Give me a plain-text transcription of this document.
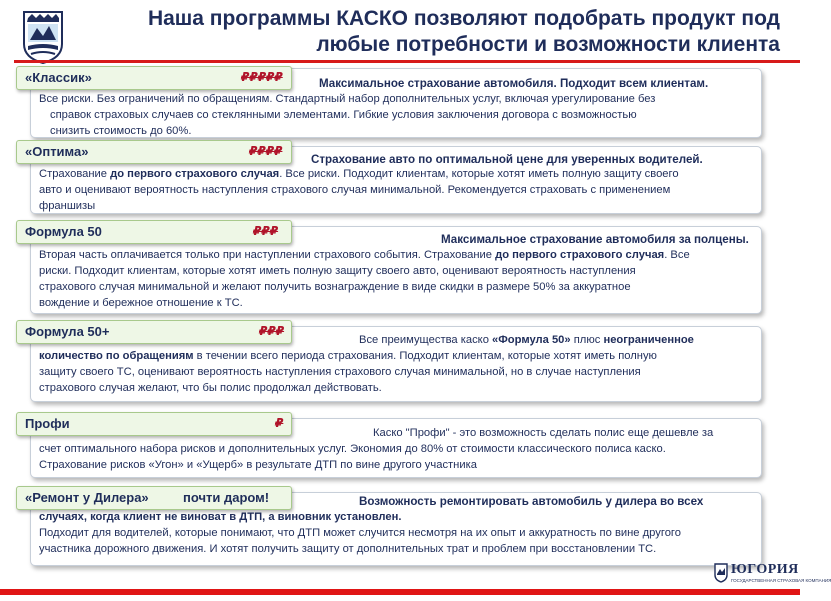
Наша программы КАСКО позволяют подобрать продукт под
любые потребности и возможности клиента
Максимальное страхование автомобиля. Подходит всем клиентам.
Все риски. Без ограничений по обращениям. Стандартный набор дополнительных услуг, включая урегулирование без
справок страховых случаев со стеклянными элементами. Гибкие условия заключения договора с возможностью
снизить стоимость до 60%.
«Классик»	₽₽₽₽₽
Страхование авто по оптимальной цене для уверенных водителей.
Страхование до первого страхового случая. Все риски. Подходит клиентам, которые хотят иметь полную защиту своего
авто и оценивают вероятность наступления страхового случая минимальной. Рекомендуется страховать с применением
франшизы
«Оптима»	₽₽₽₽
Максимальное страхование автомобиля за полцены.
Вторая часть оплачивается только при наступлении страхового события. Страхование до первого страхового случая. Все
риски. Подходит клиентам, которые хотят иметь полную защиту своего авто, оценивают вероятность наступления
страхового случая минимальной и желают получить вознаграждение в виде скидки в размере 50% за аккуратное
вождение и бережное отношение к ТС.
Формула 50	₽₽₽
Все преимущества каско «Формула 50» плюс неограниченное
количество по обращениям в течении всего периода страхования. Подходит клиентам, которые хотят иметь полную
защиту своего ТС, оценивают вероятность наступления страхового случая минимальной, но в случае наступления
страхового случая желают, что бы полис продолжал действовать.
Формула 50+	₽₽₽
Каско "Профи" - это возможность сделать полис еще дешевле за
счет оптимального набора рисков и дополнительных услуг. Экономия до 80% от стоимости классического полиса каско.
Страхование рисков «Угон» и «Ущерб» в результате ДТП по вине другого участника
Профи	₽
Возможность ремонтировать автомобиль у дилера во всех
случаях, когда клиент не виноват в ДТП, а виновник установлен.
Подходит для водителей, которые понимают, что ДТП может случится несмотря на их опыт и аккуратность по вине другого
участника дорожного движения. И хотят получить защиту от дополнительных трат и проблем при восстановлении ТС.
«Ремонт у Дилера»	почти даром!
ЮГОРИЯ
ГОСУДАРСТВЕННАЯ СТРАХОВАЯ КОМПАНИЯ
